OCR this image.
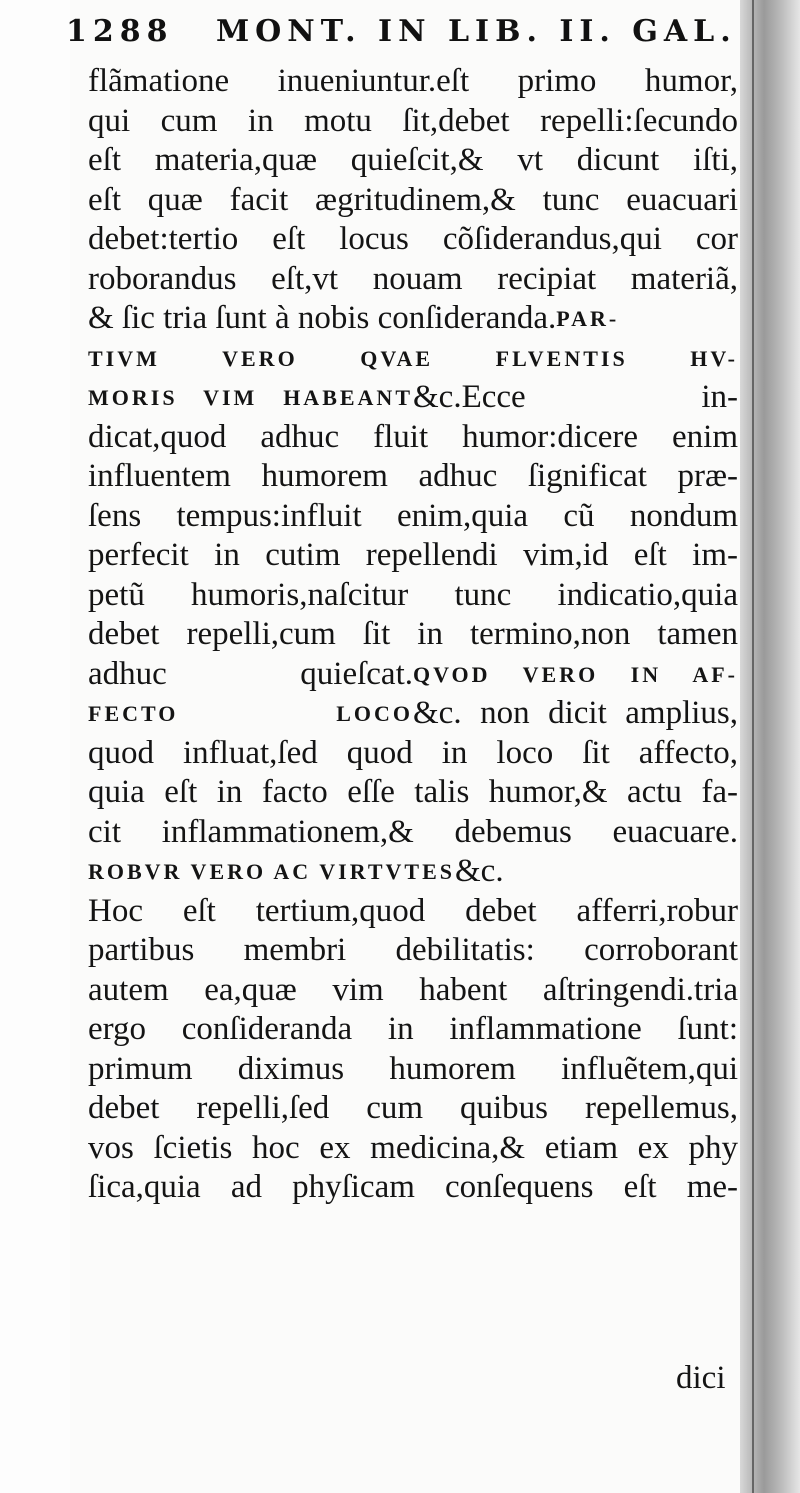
1288 MONT. IN LIB. II. GAL.
flãmatione inueniuntur.eſt primo humor,
qui cum in motu ſit,debet repelli:ſecundo
eſt materia,quæ quieſcit,& vt dicunt iſti,
eſt quæ facit ægritudinem,& tunc euacuari
debet:tertio eſt locus cõſiderandus,qui cor
roborandus eſt,vt nouam recipiat materiã,
& ſic tria ſunt à nobis conſideranda. PAR-
TIVM VERO QVAE FLVENTIS HV-
MORIS VIM HABEANT &c.Ecce in-
dicat,quod adhuc fluit humor:dicere enim
influentem humorem adhuc ſignificat præ-
ſens tempus:influit enim,quia cũ nondum
perfecit in cutim repellendi vim,id eſt im-
petũ humoris,naſcitur tunc indicatio,quia
debet repelli,cum ſit in termino,non tamen
adhuc quieſcat. QVOD VERO IN AF-
FECTO LOCO &c. non dicit amplius,
quod influat,ſed quod in loco ſit affecto,
quia eſt in facto eſſe talis humor,& actu fa-
cit inflammationem,& debemus euacuare.
ROBVR VERO AC VIRTVTES &c.
Hoc eſt tertium,quod debet afferri,robur
partibus membri debilitatis: corroborant
autem ea,quæ vim habent aſtringendi.tria
ergo conſideranda in inflammatione ſunt:
primum diximus humorem influẽtem,qui
debet repelli,ſed cum quibus repellemus,
vos ſcietis hoc ex medicina,& etiam ex phy
ſica,quia ad phyſicam conſequens eſt me-
dici
